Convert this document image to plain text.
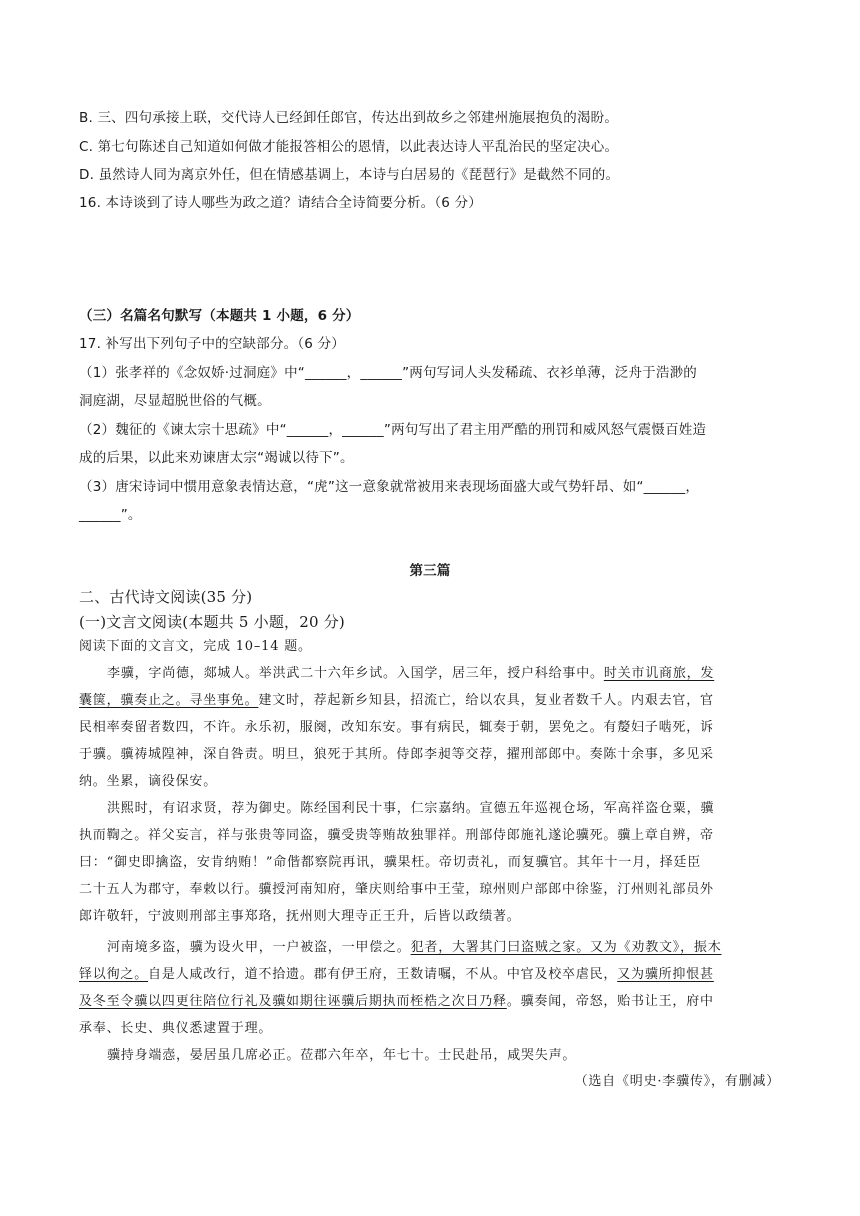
B. 三、四句承接上联，交代诗人已经卸任郎官，传达出到故乡之邻建州施展抱负的渴盼。
C. 第七句陈述自己知道如何做才能报答相公的恩情，以此表达诗人平乱治民的坚定决心。
D. 虽然诗人同为离京外任，但在情感基调上，本诗与白居易的《琵琶行》是截然不同的。
16. 本诗谈到了诗人哪些为政之道？请结合全诗简要分析。（6 分）
（三）名篇名句默写（本题共 1 小题，6 分）
17. 补写出下列句子中的空缺部分。（6 分）
（1）张孝祥的《念奴娇·过洞庭》中“______，______”两句写词人头发稀疏、衣衫单薄，泛舟于浩渺的
洞庭湖，尽显超脱世俗的气概。
（2）魏征的《谏太宗十思疏》中“______，______”两句写出了君主用严酷的刑罚和威风怒气震慑百姓造
成的后果，以此来劝谏唐太宗“竭诚以待下”。
（3）唐宋诗词中惯用意象表情达意，“虎”这一意象就常被用来表现场面盛大或气势轩昂、如“______，
______”。
第三篇
二、古代诗文阅读(35 分)
(一)文言文阅读(本题共 5 小题，20 分)
阅读下面的文言文，完成 10–14 题。
李骥，字尚德，郯城人。举洪武二十六年乡试。入国学，居三年，授户科给事中。时关市讥商旅，发
囊箧，骥奏止之。寻坐事免。建文时，荐起新乡知县，招流亡，给以农具，复业者数千人。内艰去官，官
民相率奏留者数四，不许。永乐初，服阕，改知东安。事有病民，辄奏于朝，罢免之。有嫠妇子啮死，诉
于骥。骥祷城隍神，深自咎责。明旦，狼死于其所。侍郎李昶等交荐，擢刑部郎中。奏陈十余事，多见采
纳。坐累，谪役保安。
洪熙时，有诏求贤，荐为御史。陈经国利民十事，仁宗嘉纳。宣德五年巡视仓场，军高祥盗仓粟，骥
执而鞫之。祥父妄言，祥与张贵等同盗，骥受贵等贿故独罪祥。刑部侍郎施礼遂论骥死。骥上章自辨，帝
曰：“御史即擒盗，安肯纳贿！”命偕都察院再讯，骥果枉。帝切责礼，而复骥官。其年十一月，择廷臣
二十五人为郡守，奉敕以行。骥授河南知府，肇庆则给事中王莹，琼州则户部郎中徐鉴，汀州则礼部员外
郎许敬轩，宁波则刑部主事郑珞，抚州则大理寺正王升，后皆以政绩著。
河南境多盗，骥为设火甲，一户被盗，一甲偿之。犯者，大署其门曰盗贼之家。又为《劝教文》，振木
铎以徇之。自是人咸改行，道不拾遗。郡有伊王府，王数请嘱，不从。中官及校卒虐民，又为骥所抑恨甚
及冬至令骥以四更往陪位行礼及骥如期往诬骥后期执而桎梏之次日乃释。骥奏闻，帝怒，贻书让王，府中
承奉、长史、典仪悉逮置于理。
骥持身端悫，晏居虽几席必正。莅郡六年卒，年七十。士民赴吊，咸哭失声。
（选自《明史·李骥传》，有删减）
